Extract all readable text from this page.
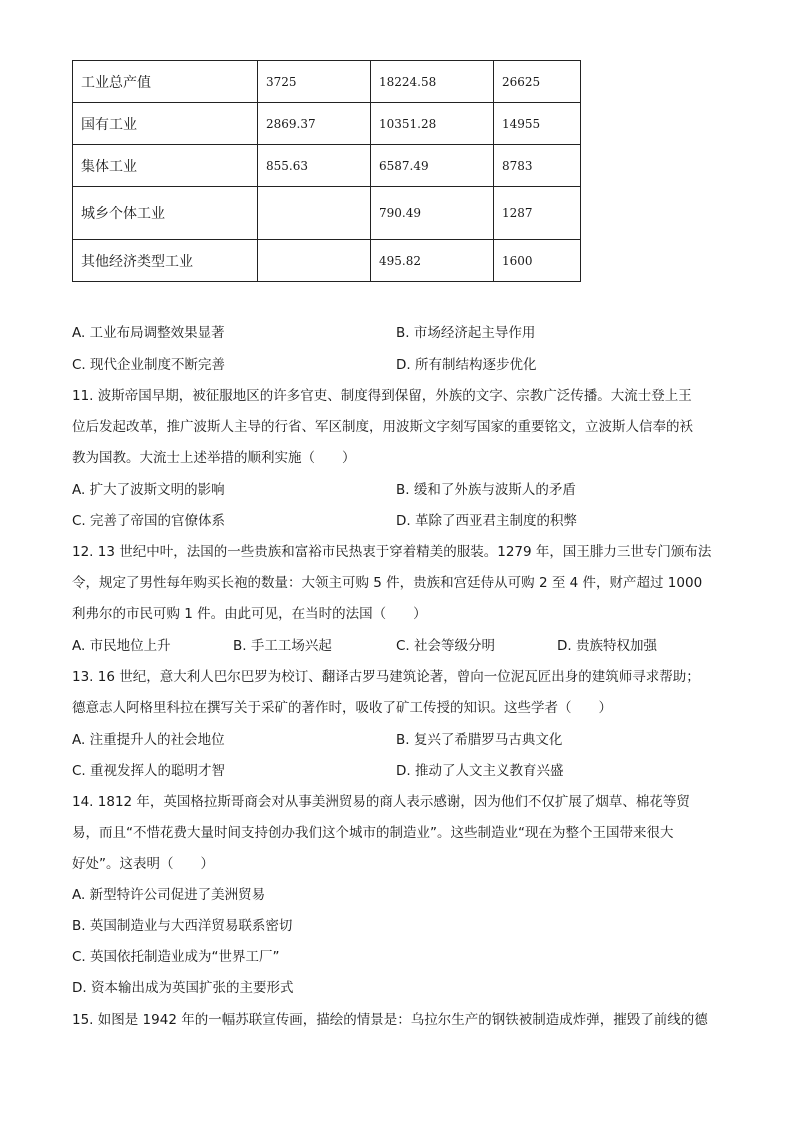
工业总产值	3725	18224.58	26625
国有工业	2869.37	10351.28	14955
集体工业	855.63	6587.49	8783
城乡个体工业		790.49	1287
其他经济类型工业		495.82	1600
A. 工业布局调整效果显著	B. 市场经济起主导作用
C. 现代企业制度不断完善	D. 所有制结构逐步优化
11. 波斯帝国早期，被征服地区的许多官吏、制度得到保留，外族的文字、宗教广泛传播。大流士登上王
位后发起改革，推广波斯人主导的行省、军区制度，用波斯文字刻写国家的重要铭文，立波斯人信奉的袄
教为国教。大流士上述举措的顺利实施（　　）
A. 扩大了波斯文明的影响	B. 缓和了外族与波斯人的矛盾
C. 完善了帝国的官僚体系	D. 革除了西亚君主制度的积弊
12. 13 世纪中叶，法国的一些贵族和富裕市民热衷于穿着精美的服装。1279 年，国王腓力三世专门颁布法
令，规定了男性每年购买长袍的数量：大领主可购 5 件，贵族和宫廷侍从可购 2 至 4 件，财产超过 1000
利弗尔的市民可购 1 件。由此可见，在当时的法国（　　）
A. 市民地位上升	B. 手工工场兴起	C. 社会等级分明	D. 贵族特权加强
13. 16 世纪，意大利人巴尔巴罗为校订、翻译古罗马建筑论著，曾向一位泥瓦匠出身的建筑师寻求帮助；
德意志人阿格里科拉在撰写关于采矿的著作时，吸收了矿工传授的知识。这些学者（　　）
A. 注重提升人的社会地位	B. 复兴了希腊罗马古典文化
C. 重视发挥人的聪明才智	D. 推动了人文主义教育兴盛
14. 1812 年，英国格拉斯哥商会对从事美洲贸易的商人表示感谢，因为他们不仅扩展了烟草、棉花等贸
易，而且“不惜花费大量时间支持创办我们这个城市的制造业”。这些制造业“现在为整个王国带来很大
好处”。这表明（　　）
A. 新型特许公司促进了美洲贸易
B. 英国制造业与大西洋贸易联系密切
C. 英国依托制造业成为“世界工厂”
D. 资本输出成为英国扩张的主要形式
15. 如图是 1942 年的一幅苏联宣传画，描绘的情景是：乌拉尔生产的钢铁被制造成炸弹，摧毁了前线的德
